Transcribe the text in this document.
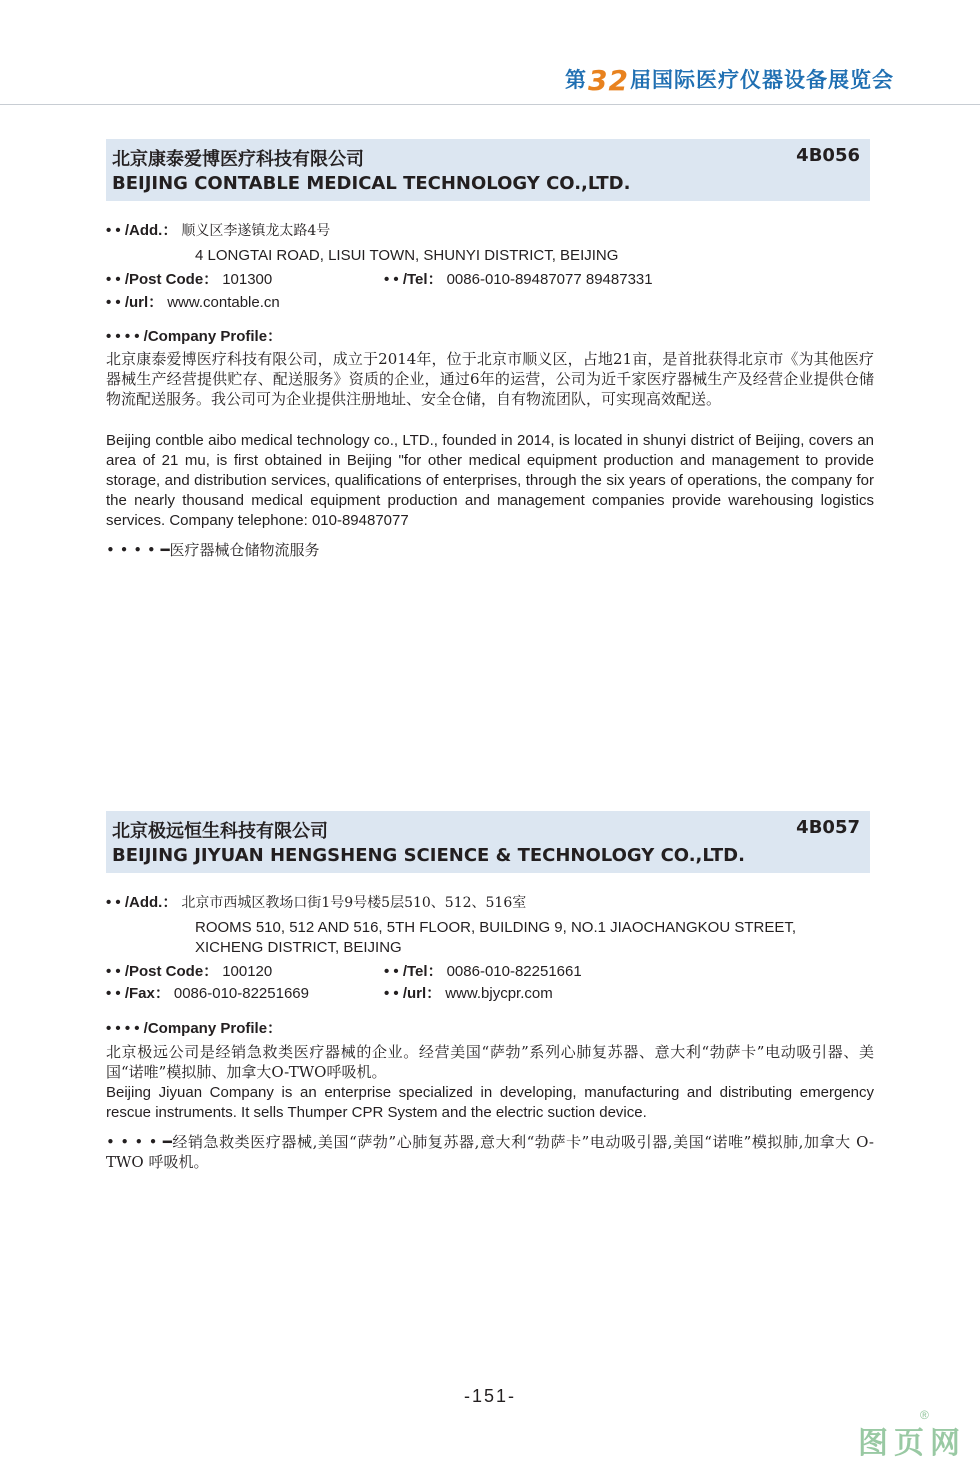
第32届国际医疗仪器设备展览会
北京康泰爱博医疗科技有限公司
BEIJING CONTABLE MEDICAL TECHNOLOGY CO.,LTD.
4B056
• • /Add.： 顺义区李遂镇龙太路4号
4 LONGTAI ROAD, LISUI TOWN, SHUNYI DISTRICT, BEIJING
• • /Post Code： 101300	• • /Tel： 0086-010-89487077 89487331
• • /url： www.contable.cn
• • • • /Company Profile：

北京康泰爱博医疗科技有限公司，成立于2014年，位于北京市顺义区，占地21亩，是首批获得北京市《为其他医疗器械生产经营提供贮存、配送服务》资质的企业，通过6年的运营，公司为近千家医疗器械生产及经营企业提供仓储物流配送服务。我公司可为企业提供注册地址、安全仓储，自有物流团队，可实现高效配送。

Beijing contble aibo medical technology co., LTD., founded in 2014, is located in shunyi district of Beijing, covers an area of 21 mu, is first obtained in Beijing "for other medical equipment production and management to provide storage, and distribution services, qualifications of enterprises, through the six years of operations, the company for the nearly thousand medical equipment production and management companies provide warehousing logistics services. Company telephone: 010-89487077

• • • • ━医疗器械仓储物流服务
北京极远恒生科技有限公司
BEIJING JIYUAN HENGSHENG SCIENCE & TECHNOLOGY CO.,LTD.
4B057
• • /Add.： 北京市西城区教场口街1号9号楼5层510、512、516室
ROOMS 510, 512 AND 516, 5TH FLOOR, BUILDING 9, NO.1 JIAOCHANGKOU STREET,
XICHENG DISTRICT, BEIJING
• • /Post Code： 100120	• • /Tel： 0086-010-82251661
• • /Fax： 0086-010-82251669	• • /url： www.bjycpr.com
• • • • /Company Profile：

北京极远公司是经销急救类医疗器械的企业。经营美国“萨勃”系列心肺复苏器、意大利“勃萨卡”电动吸引器、美国“诺唯”模拟肺、加拿大O-TWO呼吸机。

Beijing Jiyuan Company is an enterprise specialized in developing, manufacturing and distributing emergency rescue instruments. It sells Thumper CPR System and the electric suction device.

• • • • ━经销急救类医疗器械,美国“萨勃”心肺复苏器,意大利“勃萨卡”电动吸引器,美国“诺唯”模拟肺,加拿大 O-TWO 呼吸机。

-151-
图页网
®
